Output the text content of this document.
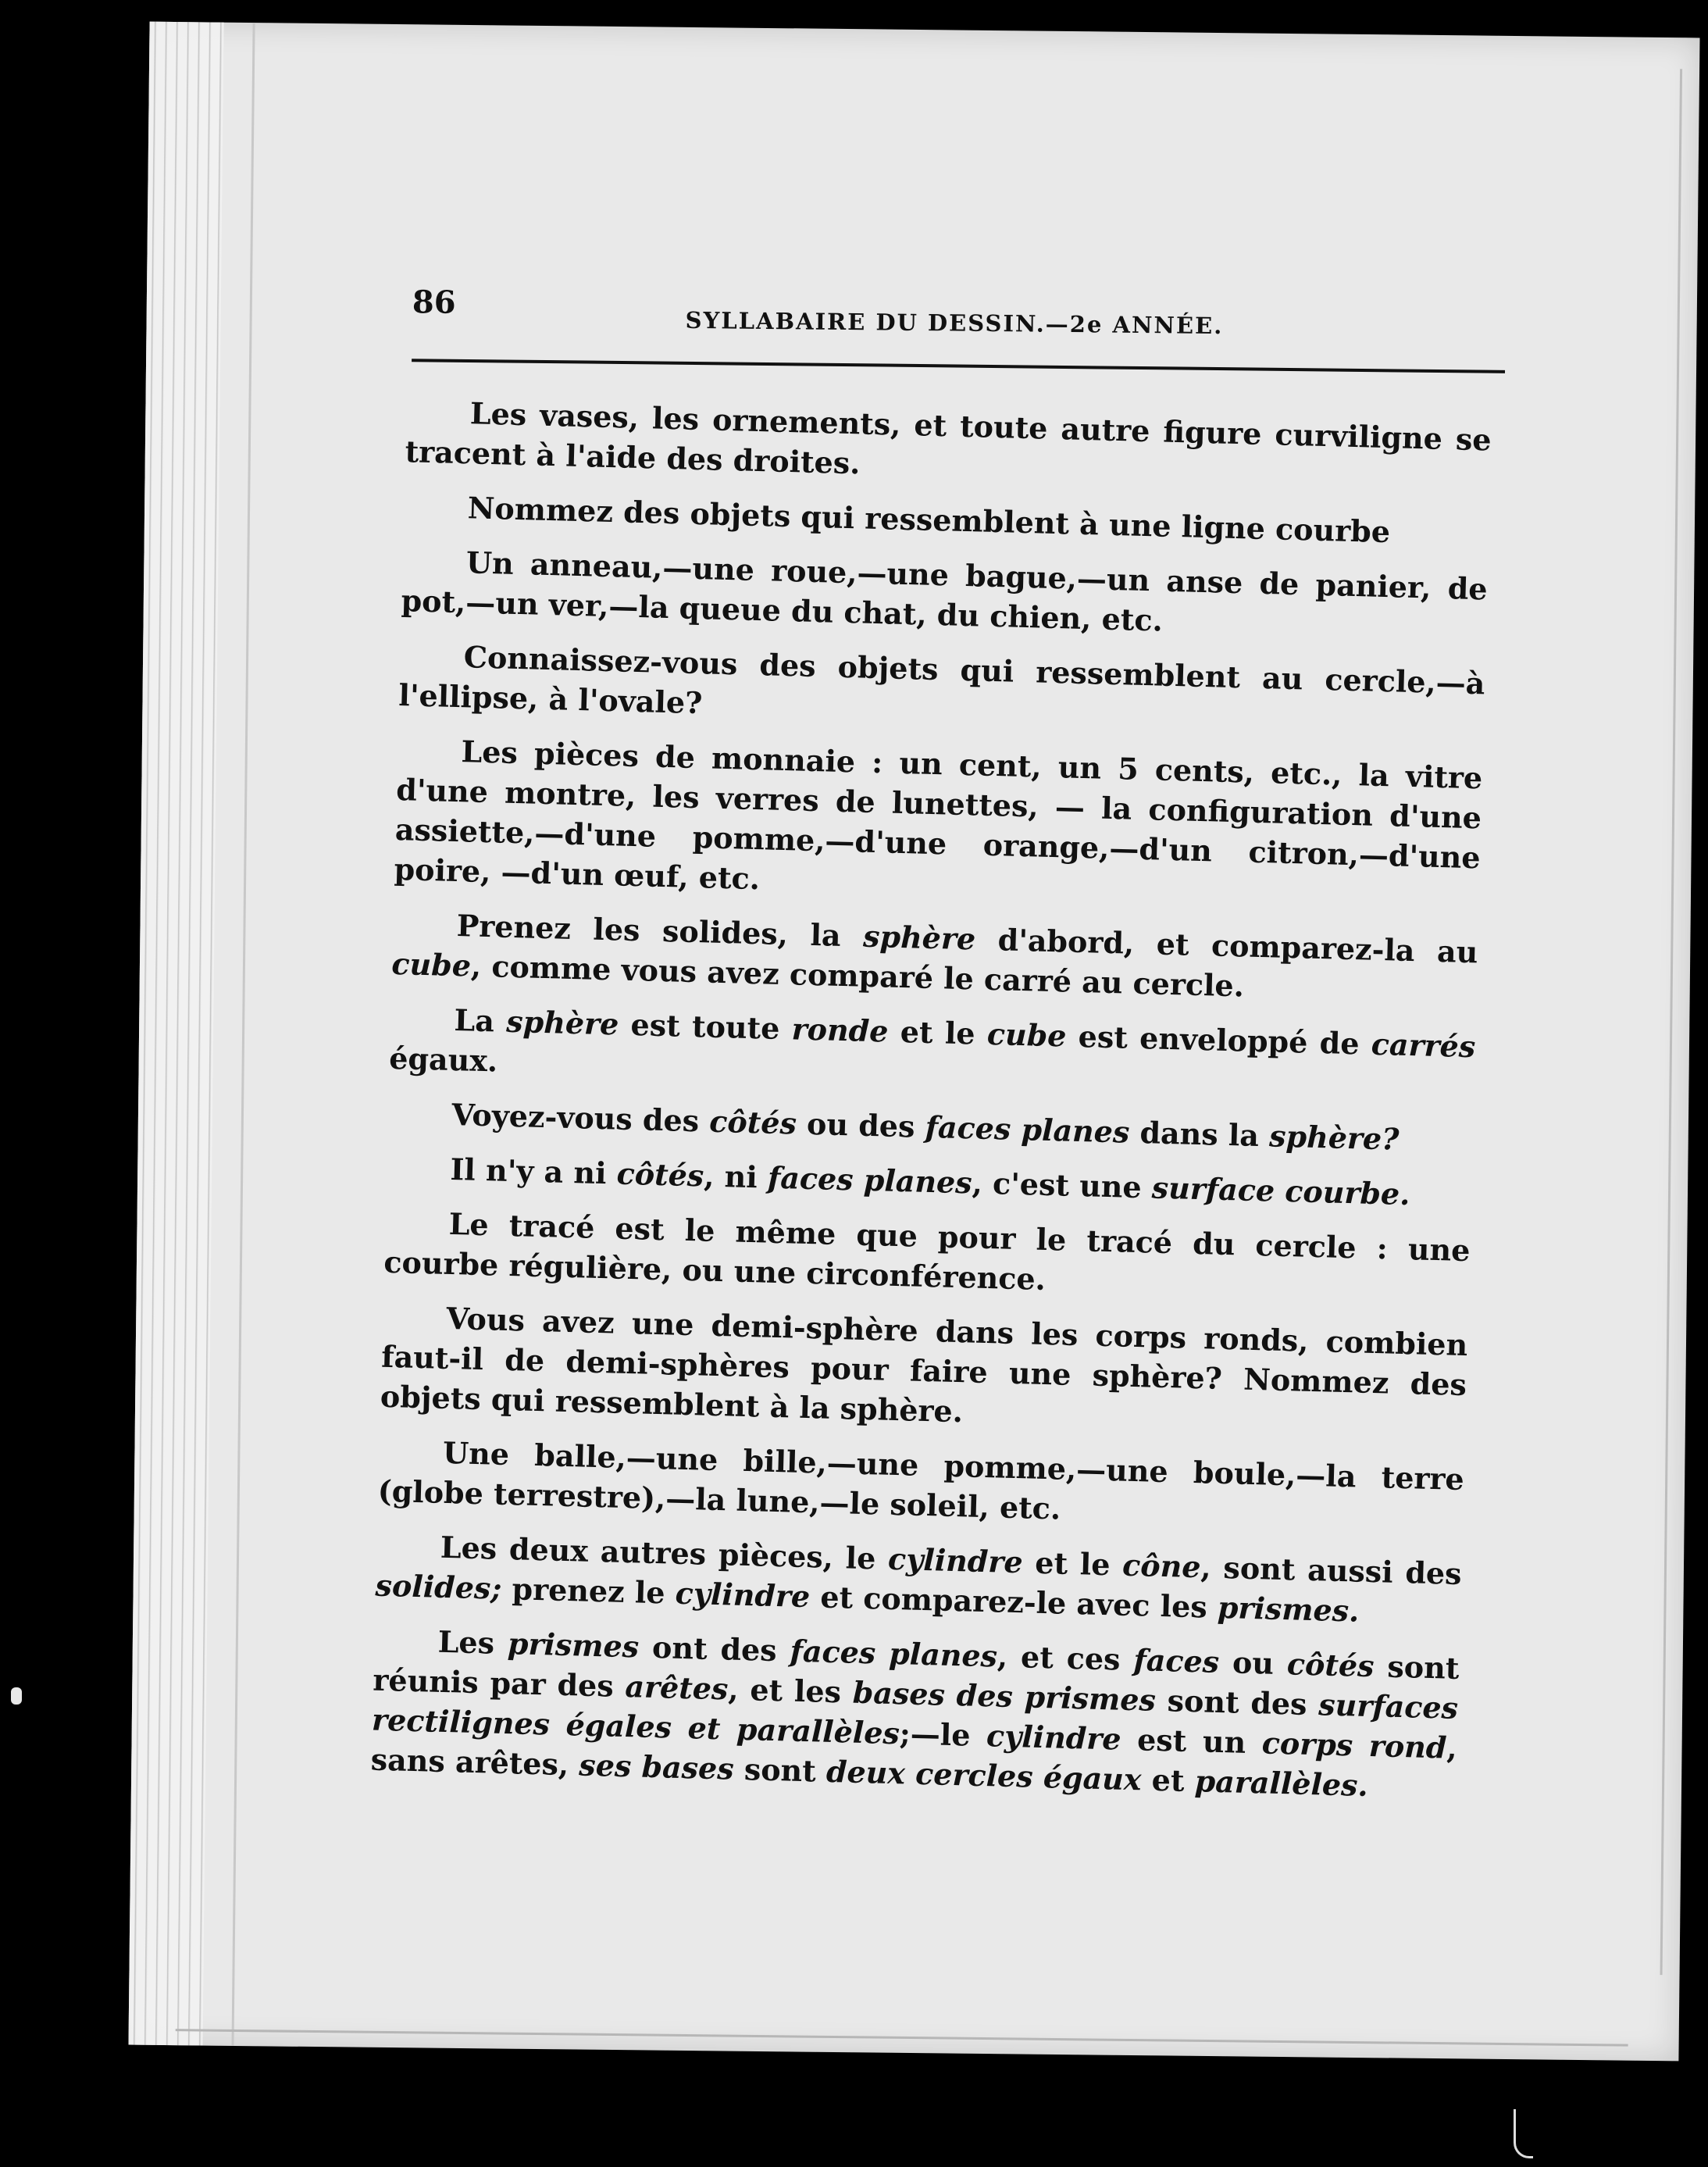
86
SYLLABAIRE DU DESSIN.—2e ANNÉE.

Les vases, les ornements, et toute autre figure curviligne se tracent à l'aide des droites.

Nommez des objets qui ressemblent à une ligne courbe

Un anneau,—une roue,—une bague,—un anse de panier, de pot,—un ver,—la queue du chat, du chien, etc.

Connaissez-vous des objets qui ressemblent au cercle,—à l'ellipse, à l'ovale?

Les pièces de monnaie : un cent, un 5 cents, etc., la vitre d'une montre, les verres de lunettes, — la configuration d'une assiette,—d'une pomme,—d'une orange,—d'un citron,—d'une poire, —d'un œuf, etc.

Prenez les solides, la sphère d'abord, et comparez-la au cube, comme vous avez comparé le carré au cercle.

La sphère est toute ronde et le cube est enveloppé de carrés égaux.

Voyez-vous des côtés ou des faces planes dans la sphère?

Il n'y a ni côtés, ni faces planes, c'est une surface courbe.

Le tracé est le même que pour le tracé du cercle : une courbe régulière, ou une circonférence.

Vous avez une demi-sphère dans les corps ronds, combien faut-il de demi-sphères pour faire une sphère? Nommez des objets qui ressemblent à la sphère.

Une balle,—une bille,—une pomme,—une boule,—la terre (globe terrestre),—la lune,—le soleil, etc.

Les deux autres pièces, le cylindre et le cône, sont aussi des solides; prenez le cylindre et comparez-le avec les prismes.

Les prismes ont des faces planes, et ces faces ou côtés sont réunis par des arêtes, et les bases des prismes sont des surfaces rectilignes égales et parallèles;—le cylindre est un corps rond, sans arêtes, ses bases sont deux cercles égaux et parallèles.
